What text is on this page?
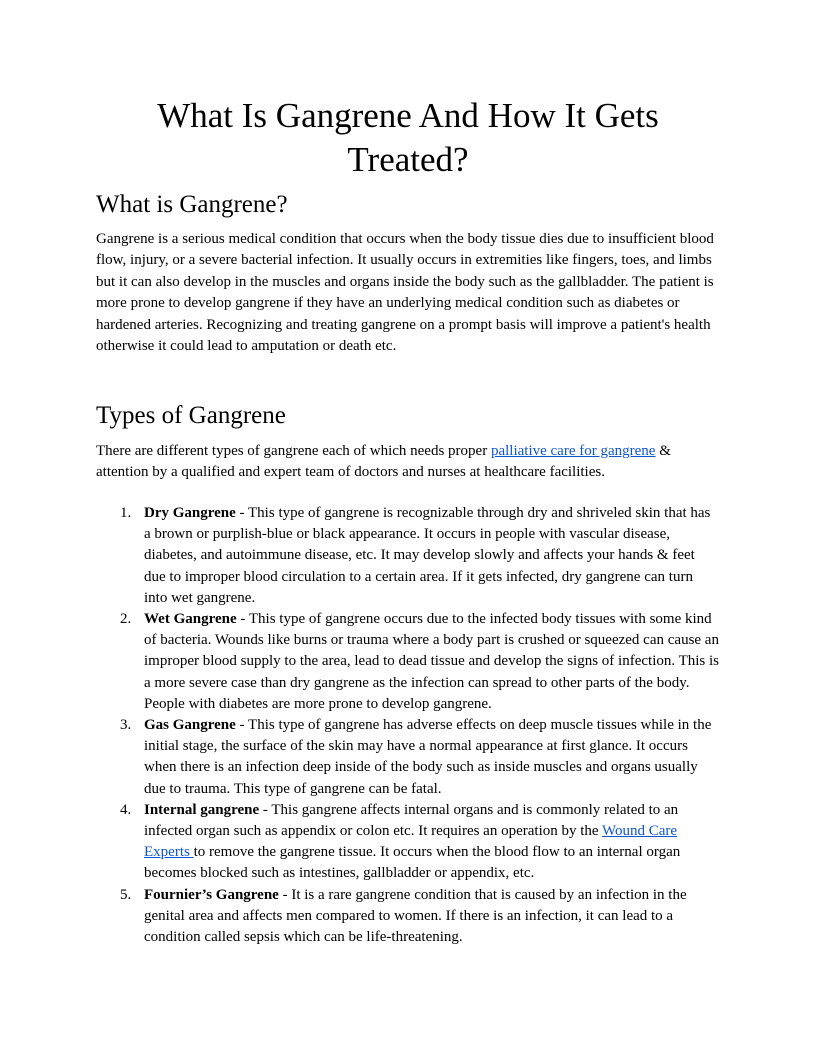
What Is Gangrene And How It Gets Treated?
What is Gangrene?

Gangrene is a serious medical condition that occurs when the body tissue dies due to insufficient blood flow, injury, or a severe bacterial infection. It usually occurs in extremities like fingers, toes, and limbs but it can also develop in the muscles and organs inside the body such as the gallbladder. The patient is more prone to develop gangrene if they have an underlying medical condition such as diabetes or hardened arteries. Recognizing and treating gangrene on a prompt basis will improve a patient's health otherwise it could lead to amputation or death etc.

Types of Gangrene

There are different types of gangrene each of which needs proper palliative care for gangrene & attention by a qualified and expert team of doctors and nurses at healthcare facilities.

1. Dry Gangrene - This type of gangrene is recognizable through dry and shriveled skin that has a brown or purplish-blue or black appearance. It occurs in people with vascular disease, diabetes, and autoimmune disease, etc. It may develop slowly and affects your hands & feet due to improper blood circulation to a certain area. If it gets infected, dry gangrene can turn into wet gangrene.
2. Wet Gangrene - This type of gangrene occurs due to the infected body tissues with some kind of bacteria. Wounds like burns or trauma where a body part is crushed or squeezed can cause an improper blood supply to the area, lead to dead tissue and develop the signs of infection. This is a more severe case than dry gangrene as the infection can spread to other parts of the body. People with diabetes are more prone to develop gangrene.
3. Gas Gangrene - This type of gangrene has adverse effects on deep muscle tissues while in the initial stage, the surface of the skin may have a normal appearance at first glance. It occurs when there is an infection deep inside of the body such as inside muscles and organs usually due to trauma. This type of gangrene can be fatal.
4. Internal gangrene - This gangrene affects internal organs and is commonly related to an infected organ such as appendix or colon etc. It requires an operation by the Wound Care Experts to remove the gangrene tissue. It occurs when the blood flow to an internal organ becomes blocked such as intestines, gallbladder or appendix, etc.
5. Fournier’s Gangrene - It is a rare gangrene condition that is caused by an infection in the genital area and affects men compared to women. If there is an infection, it can lead to a condition called sepsis which can be life-threatening.
